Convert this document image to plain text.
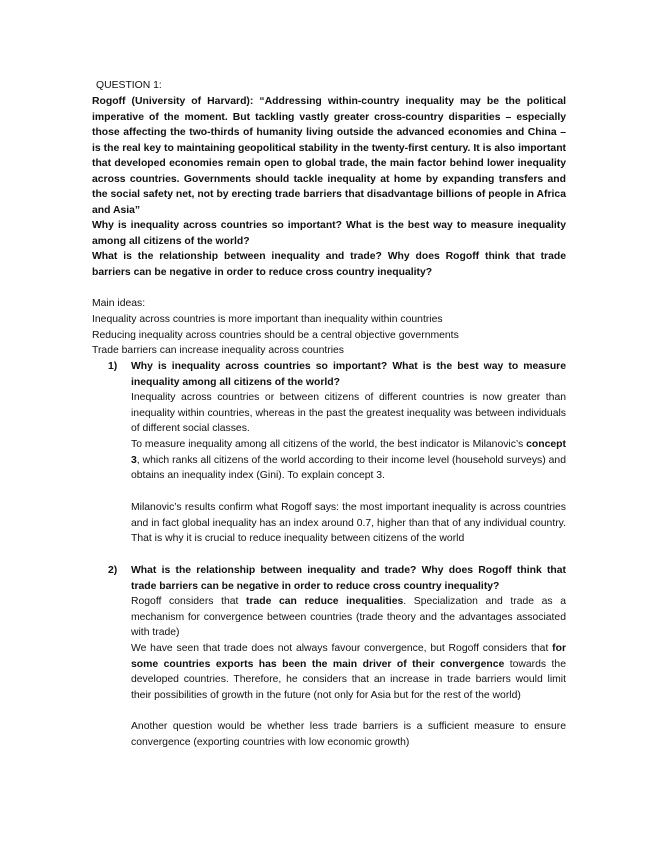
QUESTION 1:
Rogoff (University of Harvard): “Addressing within-country inequality may be the political imperative of the moment. But tackling vastly greater cross-country disparities – especially those affecting the two-thirds of humanity living outside the advanced economies and China – is the real key to maintaining geopolitical stability in the twenty-first century. It is also important that developed economies remain open to global trade, the main factor behind lower inequality across countries. Governments should tackle inequality at home by expanding transfers and the social safety net, not by erecting trade barriers that disadvantage billions of people in Africa and Asia”
Why is inequality across countries so important? What is the best way to measure inequality among all citizens of the world?
What is the relationship between inequality and trade? Why does Rogoff think that trade barriers can be negative in order to reduce cross country inequality?
Main ideas:
Inequality across countries is more important than inequality within countries
Reducing inequality across countries should be a central objective governments
Trade barriers can increase inequality across countries
1) Why is inequality across countries so important? What is the best way to measure inequality among all citizens of the world?
Inequality across countries or between citizens of different countries is now greater than inequality within countries, whereas in the past the greatest inequality was between individuals of different social classes.
To measure inequality among all citizens of the world, the best indicator is Milanovic’s concept 3, which ranks all citizens of the world according to their income level (household surveys) and obtains an inequality index (Gini). To explain concept 3.
Milanovic’s results confirm what Rogoff says: the most important inequality is across countries and in fact global inequality has an index around 0.7, higher than that of any individual country. That is why it is crucial to reduce inequality between citizens of the world
2) What is the relationship between inequality and trade? Why does Rogoff think that trade barriers can be negative in order to reduce cross country inequality?
Rogoff considers that trade can reduce inequalities. Specialization and trade as a mechanism for convergence between countries (trade theory and the advantages associated with trade)
We have seen that trade does not always favour convergence, but Rogoff considers that for some countries exports has been the main driver of their convergence towards the developed countries. Therefore, he considers that an increase in trade barriers would limit their possibilities of growth in the future (not only for Asia but for the rest of the world)
Another question would be whether less trade barriers is a sufficient measure to ensure convergence (exporting countries with low economic growth)
